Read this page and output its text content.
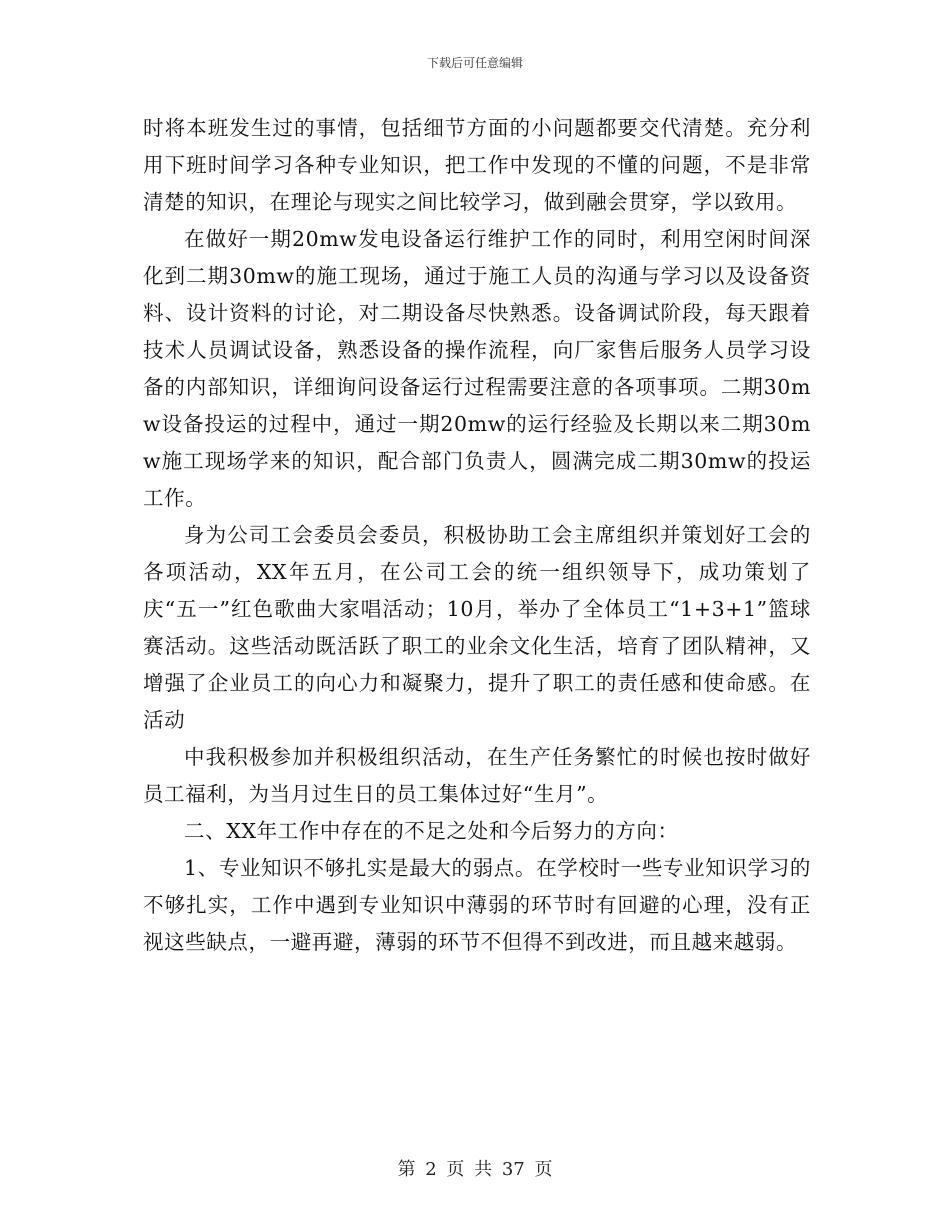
下载后可任意编辑

时将本班发生过的事情，包括细节方面的小问题都要交代清楚。充分利用下班时间学习各种专业知识，把工作中发现的不懂的问题，不是非常清楚的知识，在理论与现实之间比较学习，做到融会贯穿，学以致用。

在做好一期20mw发电设备运行维护工作的同时，利用空闲时间深化到二期30mw的施工现场，通过于施工人员的沟通与学习以及设备资料、设计资料的讨论，对二期设备尽快熟悉。设备调试阶段，每天跟着技术人员调试设备，熟悉设备的操作流程，向厂家售后服务人员学习设备的内部知识，详细询问设备运行过程需要注意的各项事项。二期30mw设备投运的过程中，通过一期20mw的运行经验及长期以来二期30mw施工现场学来的知识，配合部门负责人，圆满完成二期30mw的投运工作。

身为公司工会委员会委员，积极协助工会主席组织并策划好工会的各项活动，XX年五月，在公司工会的统一组织领导下，成功策划了庆“五一”红色歌曲大家唱活动；10月，举办了全体员工“1+3+1”篮球赛活动。这些活动既活跃了职工的业余文化生活，培育了团队精神，又增强了企业员工的向心力和凝聚力，提升了职工的责任感和使命感。在活动

中我积极参加并积极组织活动，在生产任务繁忙的时候也按时做好员工福利，为当月过生日的员工集体过好“生月”。

二、XX年工作中存在的不足之处和今后努力的方向：

1、专业知识不够扎实是最大的弱点。在学校时一些专业知识学习的不够扎实，工作中遇到专业知识中薄弱的环节时有回避的心理，没有正视这些缺点，一避再避，薄弱的环节不但得不到改进，而且越来越弱。

第 2 页 共 37 页
